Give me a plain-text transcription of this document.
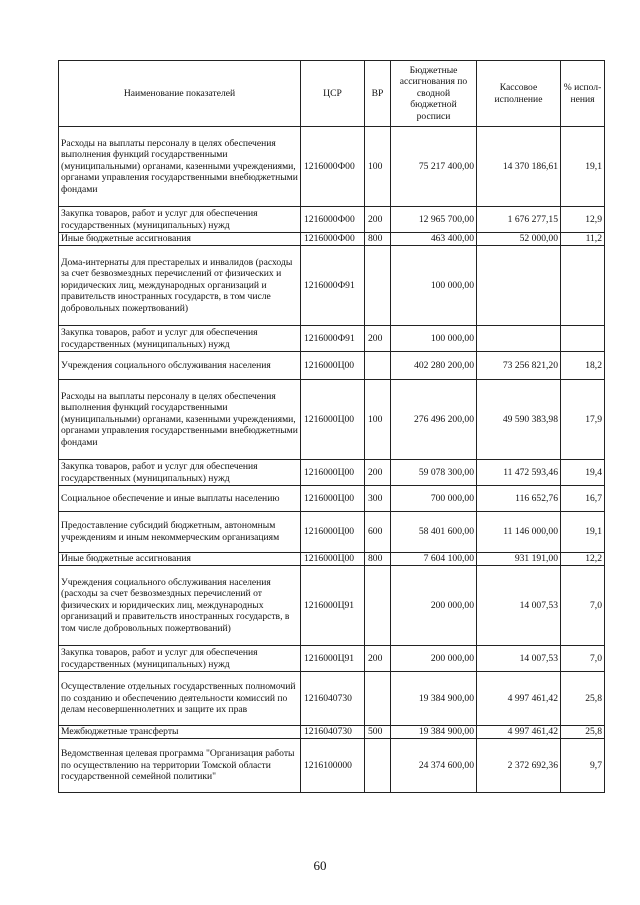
Наименование показателей	ЦСР	ВР	Бюджетные ассигнования по сводной бюджетной росписи	Кассовое исполнение	% испол- нения
Расходы на выплаты персоналу в целях обеспечения выполнения функций государственными (муниципальными) органами, казенными учреждениями, органами управления государственными внебюджетными фондами	1216000Ф00	100	75 217 400,00	14 370 186,61	19,1
Закупка товаров, работ и услуг для обеспечения государственных (муниципальных) нужд	1216000Ф00	200	12 965 700,00	1 676 277,15	12,9
Иные бюджетные ассигнования	1216000Ф00	800	463 400,00	52 000,00	11,2
Дома-интернаты для престарелых и инвалидов (расходы за счет безвозмездных перечислений от физических и юридических лиц, международных организаций и правительств иностранных государств, в том числе добровольных пожертвований)	1216000Ф91		100 000,00		
Закупка товаров, работ и услуг для обеспечения государственных (муниципальных) нужд	1216000Ф91	200	100 000,00		
Учреждения социального обслуживания населения	1216000Ц00		402 280 200,00	73 256 821,20	18,2
Расходы на выплаты персоналу в целях обеспечения выполнения функций государственными (муниципальными) органами, казенными учреждениями, органами управления государственными внебюджетными фондами	1216000Ц00	100	276 496 200,00	49 590 383,98	17,9
Закупка товаров, работ и услуг для обеспечения государственных (муниципальных) нужд	1216000Ц00	200	59 078 300,00	11 472 593,46	19,4
Социальное обеспечение и иные выплаты населению	1216000Ц00	300	700 000,00	116 652,76	16,7
Предоставление субсидий бюджетным, автономным учреждениям и иным некоммерческим организациям	1216000Ц00	600	58 401 600,00	11 146 000,00	19,1
Иные бюджетные ассигнования	1216000Ц00	800	7 604 100,00	931 191,00	12,2
Учреждения социального обслуживания населения (расходы за счет безвозмездных перечислений от физических и юридических лиц, международных организаций и правительств иностранных государств, в том числе добровольных пожертвований)	1216000Ц91		200 000,00	14 007,53	7,0
Закупка товаров, работ и услуг для обеспечения государственных (муниципальных) нужд	1216000Ц91	200	200 000,00	14 007,53	7,0
Осуществление отдельных государственных полномочий по созданию и обеспечению деятельности комиссий по делам несовершеннолетних и защите их прав	1216040730		19 384 900,00	4 997 461,42	25,8
Межбюджетные трансферты	1216040730	500	19 384 900,00	4 997 461,42	25,8
Ведомственная целевая программа "Организация работы по осуществлению на территории Томской области государственной семейной политики"	1216100000		24 374 600,00	2 372 692,36	9,7
60
